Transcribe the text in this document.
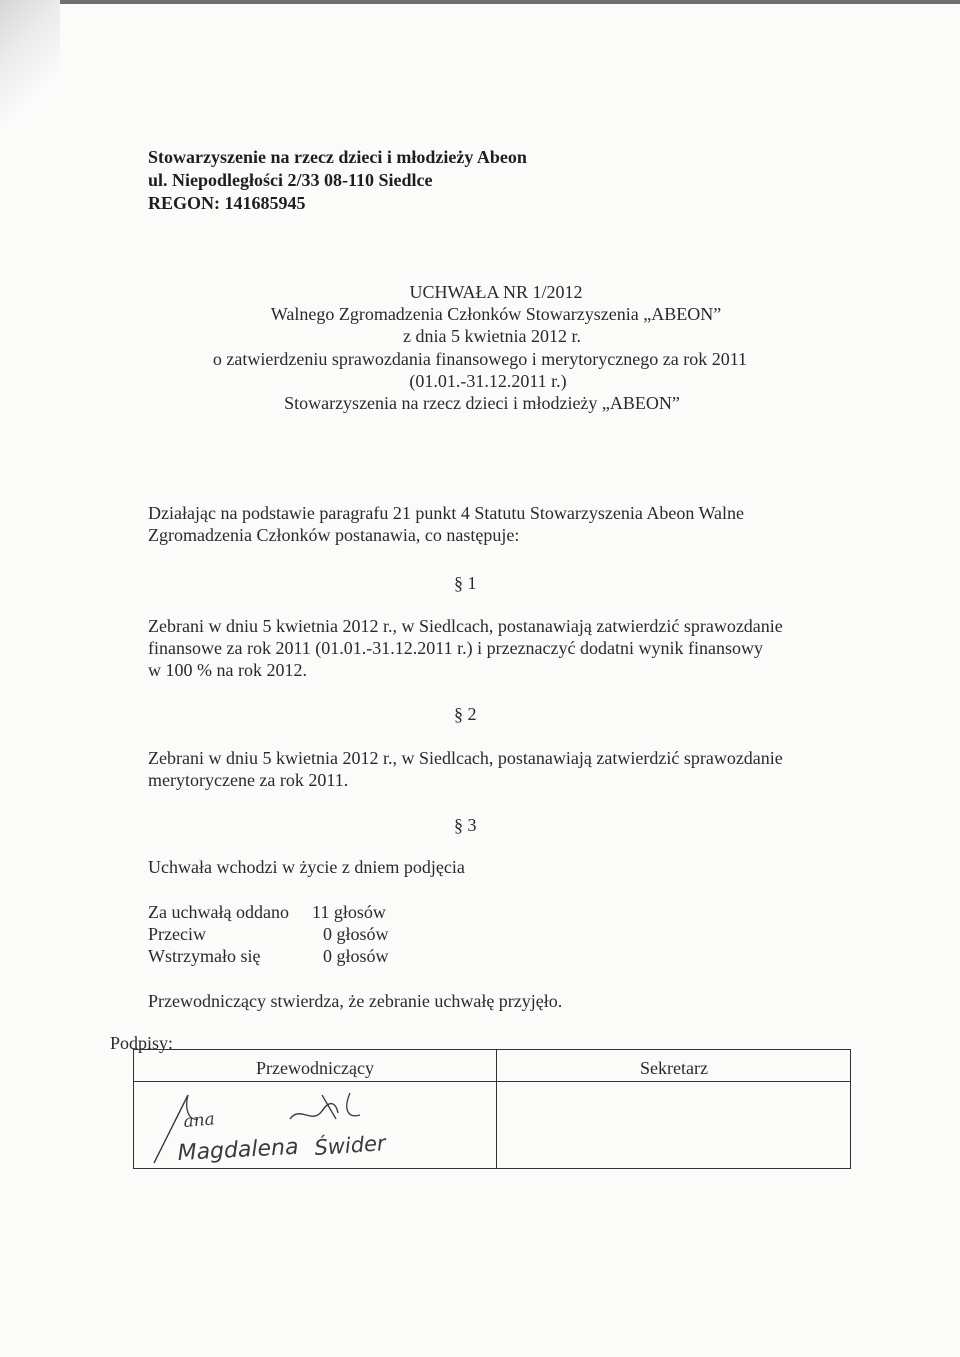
Stowarzyszenie na rzecz dzieci i młodzieży Abeon
ul. Niepodległości 2/33 08-110 Siedlce
REGON: 141685945
UCHWAŁA NR 1/2012
Walnego Zgromadzenia Członków Stowarzyszenia „ABEON”
z dnia 5 kwietnia 2012 r.
o zatwierdzeniu sprawozdania finansowego i merytorycznego za rok 2011
(01.01.-31.12.2011 r.)
Stowarzyszenia na rzecz dzieci i młodzieży „ABEON”
Działając na podstawie paragrafu 21 punkt 4 Statutu Stowarzyszenia Abeon Walne
Zgromadzenia Członków postanawia, co następuje:
§ 1
Zebrani w dniu 5 kwietnia 2012 r., w Siedlcach, postanawiają zatwierdzić sprawozdanie
finansowe za rok 2011 (01.01.-31.12.2011 r.) i przeznaczyć dodatni wynik finansowy
w 100 % na rok 2012.
§ 2
Zebrani w dniu 5 kwietnia 2012 r., w Siedlcach, postanawiają zatwierdzić sprawozdanie
merytoryczene za rok 2011.
§ 3
Uchwała wchodzi w życie z dniem podjęcia
Za uchwałą oddano 11 głosów
Przeciw	0 głosów
Wstrzymało się	0 głosów
Przewodniczący stwierdza, że zebranie uchwałę przyjęło.
Podpisy:
Przewodniczący	Sekretarz
ana
Magdalena Świder
